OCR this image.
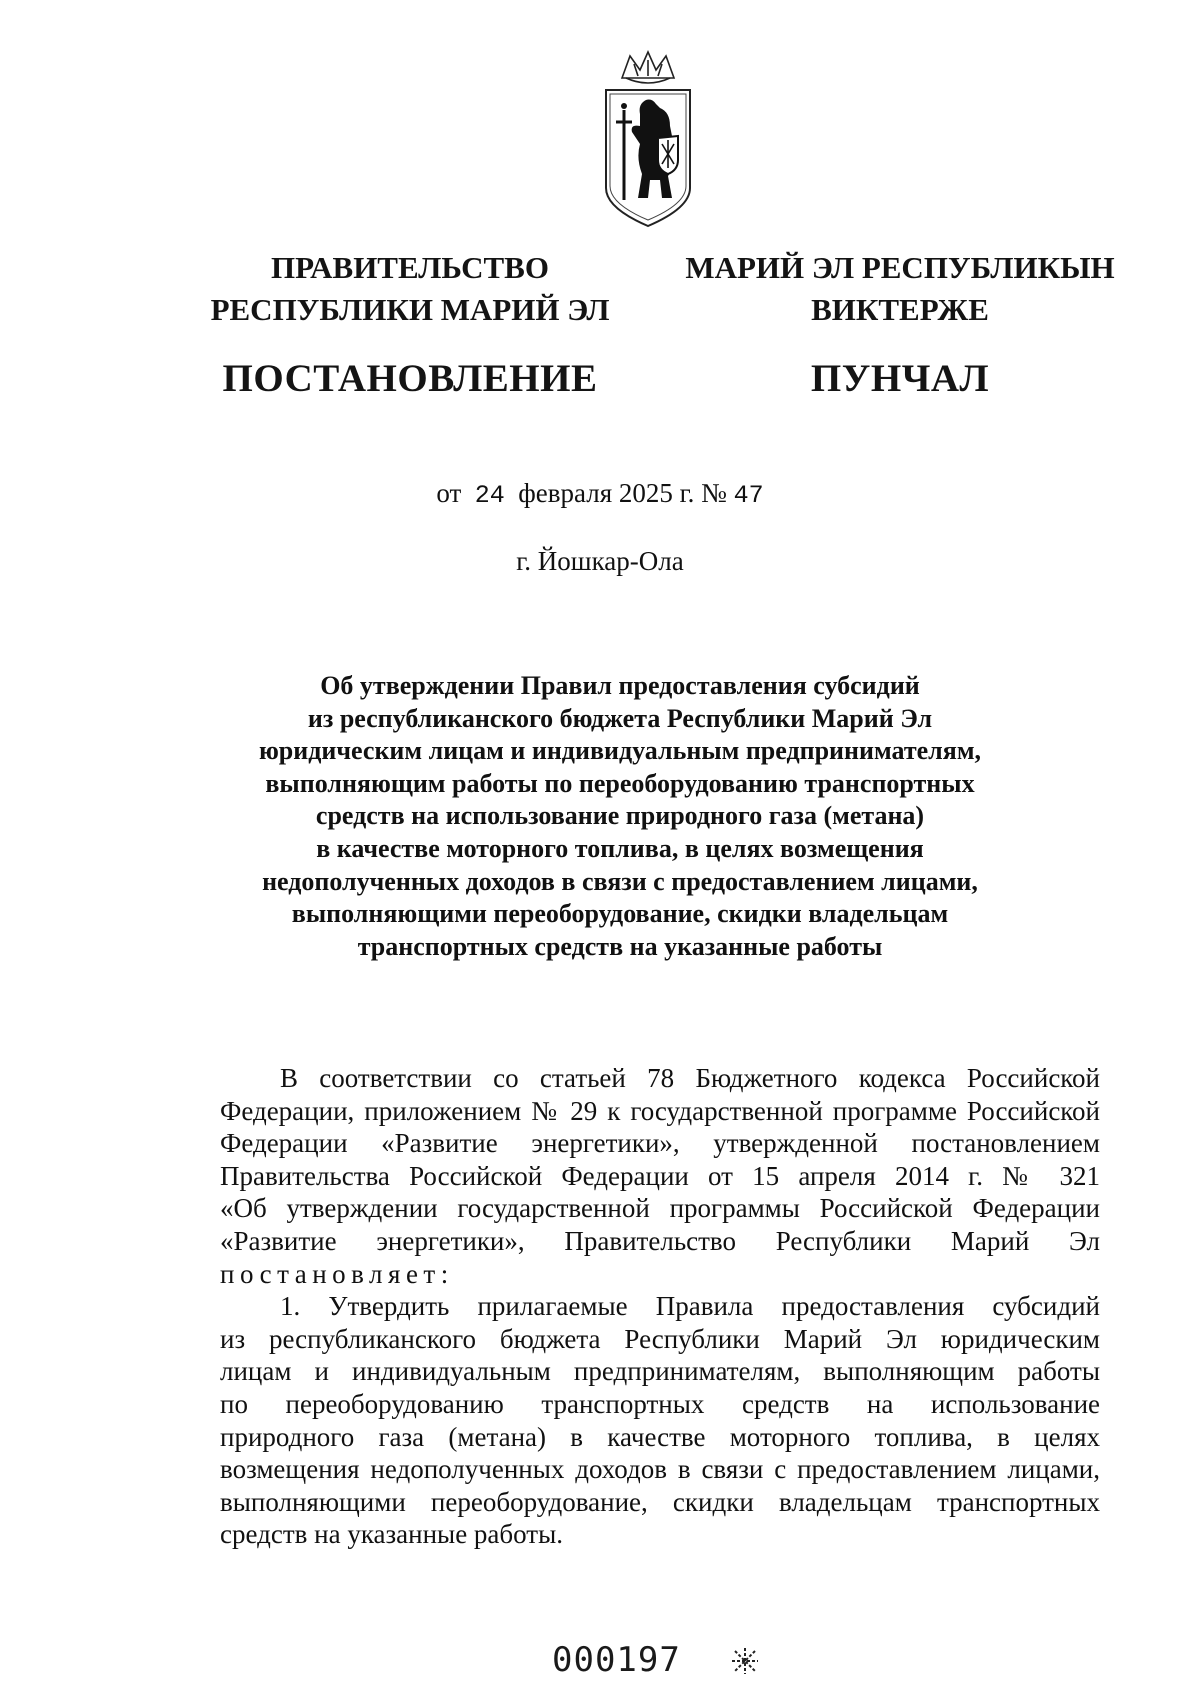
ПРАВИТЕЛЬСТВО
РЕСПУБЛИКИ МАРИЙ ЭЛ
ПОСТАНОВЛЕНИЕ
МАРИЙ ЭЛ РЕСПУБЛИКЫН
ВИКТЕРЖЕ
ПУНЧАЛ
от 24 февраля 2025 г. № 47
г. Йошкар-Ола
Об утверждении Правил предоставления субсидий
из республиканского бюджета Республики Марий Эл
юридическим лицам и индивидуальным предпринимателям,
выполняющим работы по переоборудованию транспортных
средств на использование природного газа (метана)
в качестве моторного топлива, в целях возмещения
недополученных доходов в связи с предоставлением лицами,
выполняющими переоборудование, скидки владельцам
транспортных средств на указанные работы
В соответствии со статьей 78 Бюджетного кодекса Российской
Федерации, приложением № 29 к государственной программе Российской
Федерации «Развитие энергетики», утвержденной постановлением
Правительства Российской Федерации от 15 апреля 2014 г. № 321
«Об утверждении государственной программы Российской Федерации
«Развитие энергетики», Правительство Республики Марий Эл
постановляет:
1. Утвердить прилагаемые Правила предоставления субсидий
из республиканского бюджета Республики Марий Эл юридическим
лицам и индивидуальным предпринимателям, выполняющим работы
по переоборудованию транспортных средств на использование
природного газа (метана) в качестве моторного топлива, в целях
возмещения недополученных доходов в связи с предоставлением лицами,
выполняющими переоборудование, скидки владельцам транспортных
средств на указанные работы.
000197
